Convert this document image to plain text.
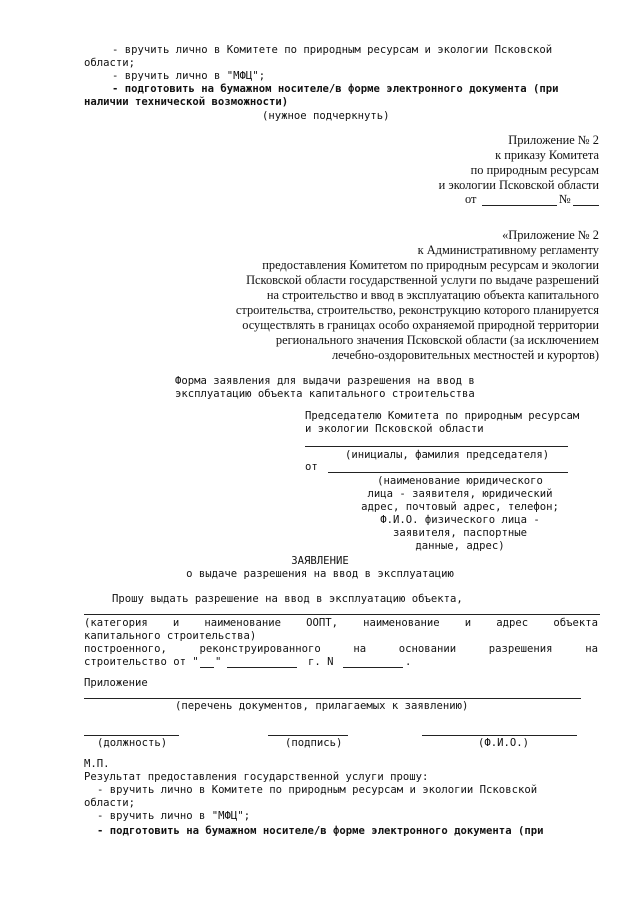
- вручить лично в Комитете по природным ресурсам и экологии Псковской
области;
- вручить лично в "МФЦ";
- подготовить на бумажном носителе/в форме электронного документа (при
наличии технической возможности)
(нужное подчеркнуть)
Приложение № 2
к приказу Комитета
по природным ресурсам
и экологии Псковской области
от	№
«Приложение № 2
к Административному регламенту
предоставления Комитетом по природным ресурсам и экологии
Псковской области государственной услуги по выдаче разрешений
на строительство и ввод в эксплуатацию объекта капитального
строительства, строительство, реконструкцию которого планируется
осуществлять в границах особо охраняемой природной территории
регионального значения Псковской области (за исключением
лечебно-оздоровительных местностей и курортов)
Форма заявления для выдачи разрешения на ввод в
эксплуатацию объекта капитального строительства
Председателю Комитета по природным ресурсам
и экологии Псковской области
(инициалы, фамилия председателя)
от
(наименование юридического
лица - заявителя, юридический
адрес, почтовый адрес, телефон;
Ф.И.О. физического лица -
заявителя, паспортные
данные, адрес)
ЗАЯВЛЕНИЕ
о выдаче разрешения на ввод в эксплуатацию
Прошу выдать разрешение на ввод в эксплуатацию объекта,
(категория и наименование ООПТ, наименование и адрес объекта
капитального строительства)
построенного,	реконструированного	на	основании	разрешения	на
строительство от " "	г. N	.
Приложение
(перечень документов, прилагаемых к заявлению)
(должность)	(подпись)	(Ф.И.О.)
М.П.
Результат предоставления государственной услуги прошу:
- вручить лично в Комитете по природным ресурсам и экологии Псковской
области;
- вручить лично в "МФЦ";
- подготовить на бумажном носителе/в форме электронного документа (при
